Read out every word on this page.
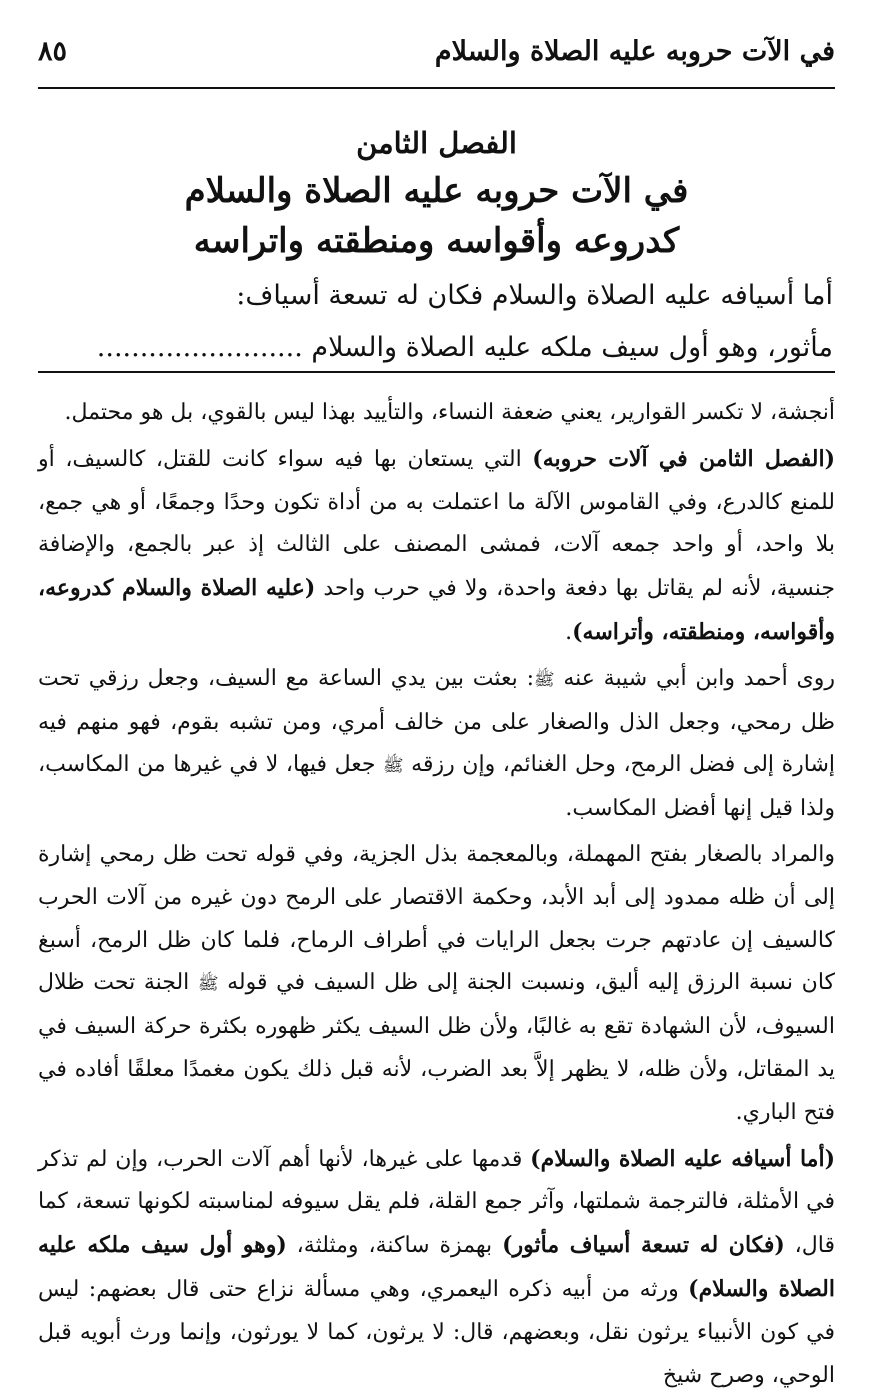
في الآت حروبه عليه الصلاة والسلام
٨٥
الفصل الثامن
في الآت حروبه عليه الصلاة والسلام
كدروعه وأقواسه ومنطقته واتراسه

أما أسيافه عليه الصلاة والسلام فكان له تسعة أسياف:

مأثور، وهو أول سيف ملكه عليه الصلاة والسلام ........................

أنجشة، لا تكسر القوارير، يعني ضعفة النساء، والتأييد بهذا ليس بالقوي، بل هو محتمل.

(الفصل الثامن في آلات حروبه) التي يستعان بها فيه سواء كانت للقتل، كالسيف، أو للمنع كالدرع، وفي القاموس الآلة ما اعتملت به من أداة تكون وحدًا وجمعًا، أو هي جمع، بلا واحد، أو واحد جمعه آلات، فمشى المصنف على الثالث إذ عبر بالجمع، والإضافة جنسية، لأنه لم يقاتل بها دفعة واحدة، ولا في حرب واحد (عليه الصلاة والسلام كدروعه، وأقواسه، ومنطقته، وأتراسه).

روى أحمد وابن أبي شيبة عنه ﷺ: بعثت بين يدي الساعة مع السيف، وجعل رزقي تحت ظل رمحي، وجعل الذل والصغار على من خالف أمري، ومن تشبه بقوم، فهو منهم فيه إشارة إلى فضل الرمح، وحل الغنائم، وإن رزقه ﷺ جعل فيها، لا في غيرها من المكاسب، ولذا قيل إنها أفضل المكاسب.

والمراد بالصغار بفتح المهملة، وبالمعجمة بذل الجزية، وفي قوله تحت ظل رمحي إشارة إلى أن ظله ممدود إلى أبد الأبد، وحكمة الاقتصار على الرمح دون غيره من آلات الحرب كالسيف إن عادتهم جرت بجعل الرايات في أطراف الرماح، فلما كان ظل الرمح، أسبغ كان نسبة الرزق إليه أليق، ونسبت الجنة إلى ظل السيف في قوله ﷺ الجنة تحت ظلال السيوف، لأن الشهادة تقع به غالبًا، ولأن ظل السيف يكثر ظهوره بكثرة حركة السيف في يد المقاتل، ولأن ظله، لا يظهر إلاَّ بعد الضرب، لأنه قبل ذلك يكون مغمدًا معلقًا أفاده في فتح الباري.

(أما أسيافه عليه الصلاة والسلام) قدمها على غيرها، لأنها أهم آلات الحرب، وإن لم تذكر في الأمثلة، فالترجمة شملتها، وآثر جمع القلة، فلم يقل سيوفه لمناسبته لكونها تسعة، كما قال، (فكان له تسعة أسياف مأثور) بهمزة ساكنة، ومثلثة، (وهو أول سيف ملكه عليه الصلاة والسلام) ورثه من أبيه ذكره اليعمري، وهي مسألة نزاع حتى قال بعضهم: ليس في كون الأنبياء يرثون نقل، وبعضهم، قال: لا يرثون، كما لا يورثون، وإنما ورث أبويه قبل الوحي، وصرح شيخ
